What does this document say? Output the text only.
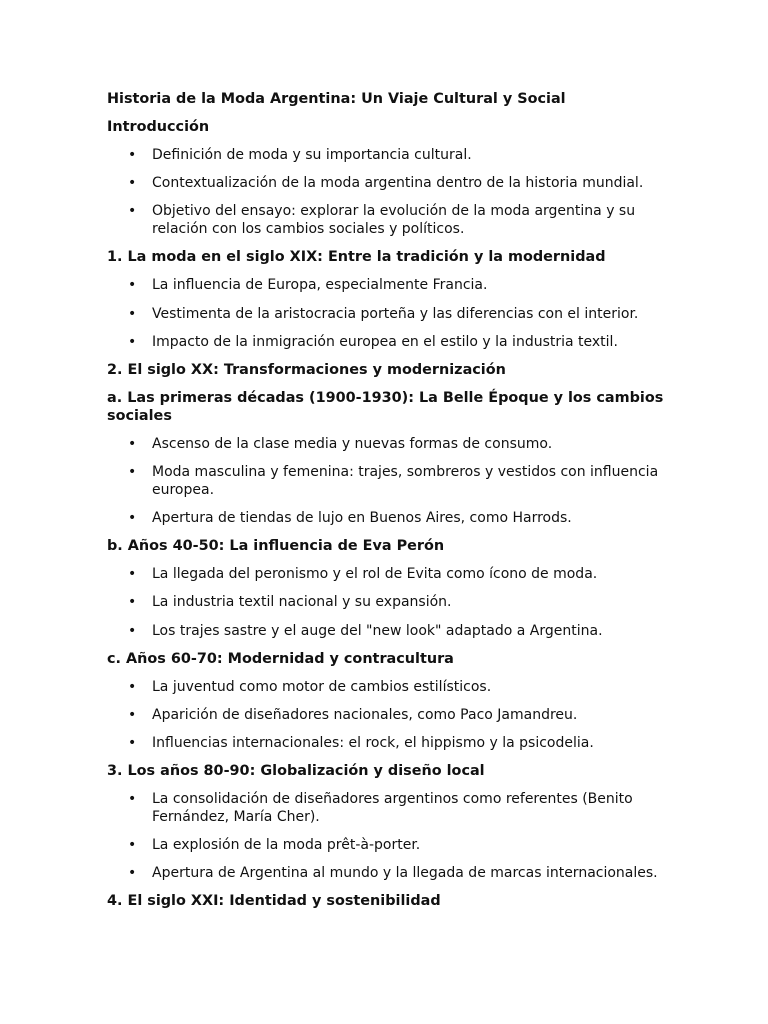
Historia de la Moda Argentina: Un Viaje Cultural y Social
Introducción
• Definición de moda y su importancia cultural.
• Contextualización de la moda argentina dentro de la historia mundial.
• Objetivo del ensayo: explorar la evolución de la moda argentina y su relación con los cambios sociales y políticos.
1. La moda en el siglo XIX: Entre la tradición y la modernidad
• La influencia de Europa, especialmente Francia.
• Vestimenta de la aristocracia porteña y las diferencias con el interior.
• Impacto de la inmigración europea en el estilo y la industria textil.
2. El siglo XX: Transformaciones y modernización
a. Las primeras décadas (1900-1930): La Belle Époque y los cambios sociales
• Ascenso de la clase media y nuevas formas de consumo.
• Moda masculina y femenina: trajes, sombreros y vestidos con influencia europea.
• Apertura de tiendas de lujo en Buenos Aires, como Harrods.
b. Años 40-50: La influencia de Eva Perón
• La llegada del peronismo y el rol de Evita como ícono de moda.
• La industria textil nacional y su expansión.
• Los trajes sastre y el auge del "new look" adaptado a Argentina.
c. Años 60-70: Modernidad y contracultura
• La juventud como motor de cambios estilísticos.
• Aparición de diseñadores nacionales, como Paco Jamandreu.
• Influencias internacionales: el rock, el hippismo y la psicodelia.
3. Los años 80-90: Globalización y diseño local
• La consolidación de diseñadores argentinos como referentes (Benito Fernández, María Cher).
• La explosión de la moda prêt-à-porter.
• Apertura de Argentina al mundo y la llegada de marcas internacionales.
4. El siglo XXI: Identidad y sostenibilidad
